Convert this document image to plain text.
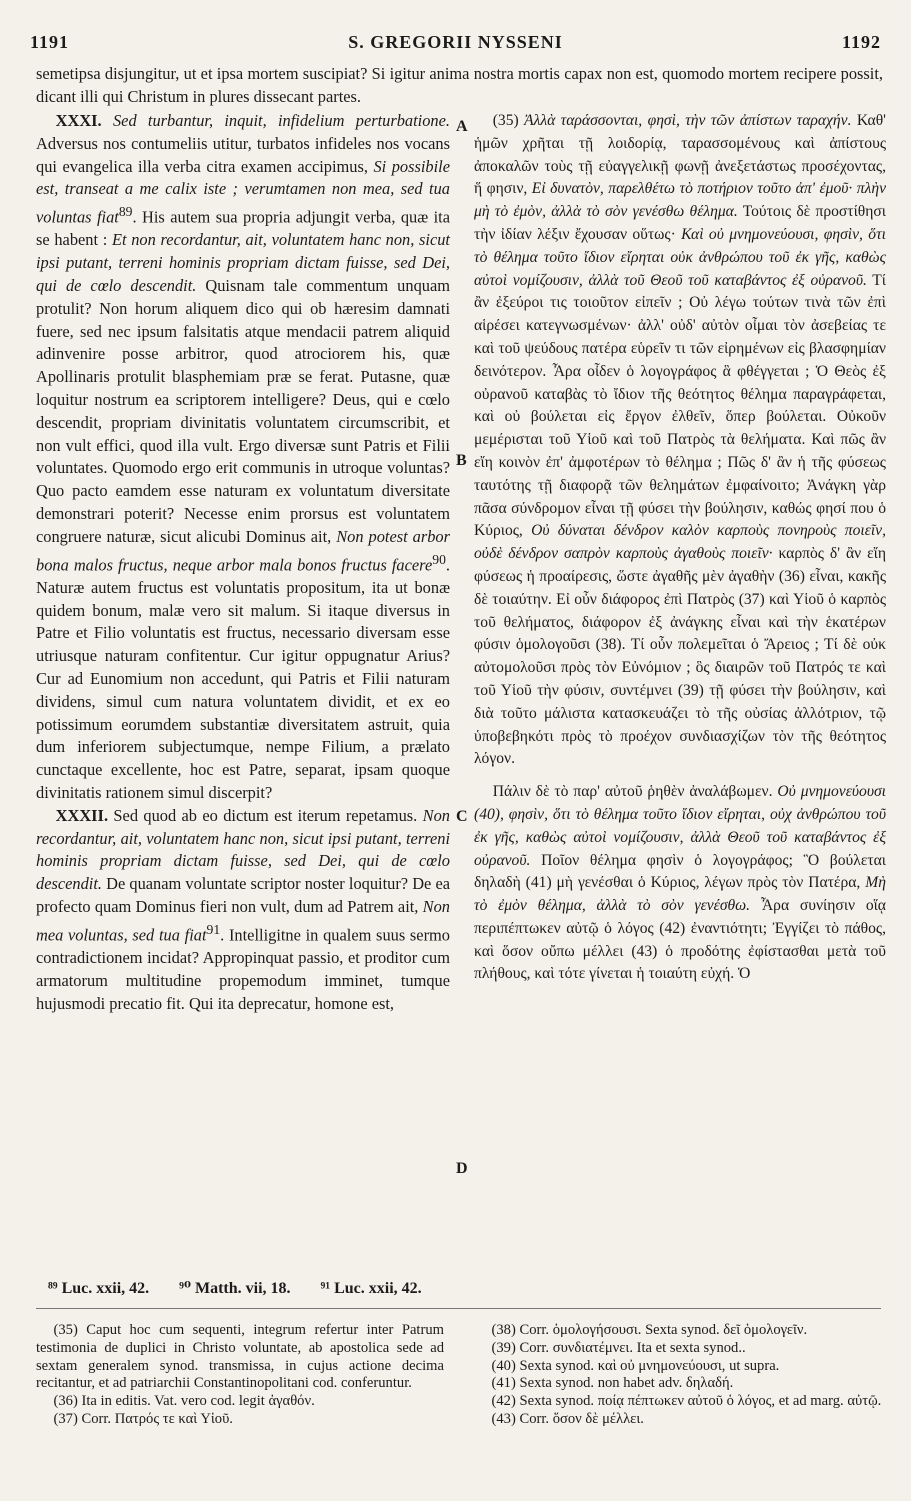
1191	S. GREGORII NYSSENI	1192
semetipsa disjungitur, ut et ipsa mortem suscipiat? Si igitur anima nostra mortis capax non est, quomodo mortem recipere possit, dicant illi qui Christum in plures dissecant partes.

XXXI. Sed turbantur, inquit, infidelium perturbatione. Adversus nos contumeliis utitur, turbatos infideles nos vocans qui evangelica illa verba citra examen accipimus, Si possibile est, transeat a me calix iste ; verumtamen non mea, sed tua voluntas fiat$^{89}$. His autem sua propria adjungit verba, quæ ita se habent : Et non recordantur, ait, voluntatem hanc non, sicut ipsi putant, terreni hominis propriam dictam fuisse, sed Dei, qui de cœlo descendit. Quisnam tale commentum unquam protulit? Non horum aliquem dico qui ob hæresim damnati fuere, sed nec ipsum falsitatis atque mendacii patrem aliquid adinvenire posse arbitror, quod atrociorem his, quæ Apollinaris protulit blasphemiam præ se ferat. Putasne, quæ loquitur nostrum ea scriptorem intelligere? Deus, qui e cœlo descendit, propriam divinitatis voluntatem circumscribit, et non vult effici, quod illa vult. Ergo diversæ sunt Patris et Filii voluntates. Quomodo ergo erit communis in utroque voluntas? Quo pacto eamdem esse naturam ex voluntatum diversitate demonstrari poterit? Necesse enim prorsus est voluntatem congruere naturæ, sicut alicubi Dominus ait, Non potest arbor bona malos fructus, neque arbor mala bonos fructus facere$^{90}$. Naturæ autem fructus est voluntatis propositum, ita ut bonæ quidem bonum, malæ vero sit malum. Si itaque diversus in Patre et Filio voluntatis est fructus, necessario diversam esse utriusque naturam confitentur. Cur igitur oppugnatur Arius? Cur ad Eunomium non accedunt, qui Patris et Filii naturam dividens, simul cum natura voluntatem dividit, et ex eo potissimum eorumdem substantiæ diversitatem astruit, quia dum inferiorem subjectumque, nempe Filium, a prælato cunctaque excellente, hoc est Patre, separat, ipsam quoque divinitatis rationem simul discerpit?

XXXII. Sed quod ab eo dictum est iterum repetamus. Non recordantur, ait, voluntatem hanc non, sicut ipsi putant, terreni hominis propriam dictam fuisse, sed Dei, qui de cœlo descendit. De quanam voluntate scriptor noster loquitur? De ea profecto quam Dominus fieri non vult, dum ad Patrem ait, Non mea voluntas, sed tua fiat$^{91}$. Intelligitne in qualem suus sermo contradictionem incidat? Appropinquat passio, et proditor cum armatorum multitudine propemodum imminet, tumque hujusmodi precatio fit. Qui ita deprecatur, homone est,

A
B
C
D

(35) Ἀλλὰ ταράσσονται, φησὶ, τὴν τῶν ἀπίστων ταραχήν. Καθ' ἡμῶν χρῆται τῇ λοιδορίᾳ, ταρασσομένους καὶ ἀπίστους ἀποκαλῶν τοὺς τῇ εὐαγγελικῇ φωνῇ ἀνεξετάστως προσέχοντας, ἥ φησιν, Εἰ δυνατὸν, παρελθέτω τὸ ποτήριον τοῦτο ἀπ' ἐμοῦ· πλὴν μὴ τὸ ἐμὸν, ἀλλὰ τὸ σὸν γενέσθω θέλημα. Τούτοις δὲ προστίθησι τὴν ἰδίαν λέξιν ἔχουσαν οὕτως· Καὶ οὐ μνημονεύουσι, φησὶν, ὅτι τὸ θέλημα τοῦτο ἴδιον εἴρηται οὐκ ἀνθρώπου τοῦ ἐκ γῆς, καθὼς αὐτοὶ νομίζουσιν, ἀλλὰ τοῦ Θεοῦ τοῦ καταβάντος ἐξ οὐρανοῦ. Τί ἂν ἐξεύροι τις τοιοῦτον εἰπεῖν ; Οὐ λέγω τούτων τινὰ τῶν ἐπὶ αἱρέσει κατεγνωσμένων· ἀλλ' οὐδ' αὐτὸν οἶμαι τὸν ἀσεβείας τε καὶ τοῦ ψεύδους πατέρα εὑρεῖν τι τῶν εἰρημένων εἰς βλασφημίαν δεινότερον. Ἆρα οἶδεν ὁ λογογράφος ἃ φθέγγεται ; Ὁ Θεὸς ἐξ οὐρανοῦ καταβὰς τὸ ἴδιον τῆς θεότητος θέλημα παραγράφεται, καὶ οὐ βούλεται εἰς ἔργον ἐλθεῖν, ὅπερ βούλεται. Οὐκοῦν μεμέρισται τοῦ Υἱοῦ καὶ τοῦ Πατρὸς τὰ θελήματα. Καὶ πῶς ἂν εἴη κοινὸν ἐπ' ἀμφοτέρων τὸ θέλημα ; Πῶς δ' ἂν ἡ τῆς φύσεως ταυτότης τῇ διαφορᾷ τῶν θελημάτων ἐμφαίνοιτο; Ἀνάγκη γὰρ πᾶσα σύνδρομον εἶναι τῇ φύσει τὴν βούλησιν, καθώς φησί που ὁ Κύριος, Οὐ δύναται δένδρον καλὸν καρποὺς πονηροὺς ποιεῖν, οὐδὲ δένδρον σαπρὸν καρποὺς ἀγαθοὺς ποιεῖν· καρπὸς δ' ἂν εἴη φύσεως ἡ προαίρεσις, ὥστε ἀγαθῆς μὲν ἀγαθὴν (36) εἶναι, κακῆς δὲ τοιαύτην. Εἰ οὖν διάφορος ἐπὶ Πατρὸς (37) καὶ Υἱοῦ ὁ καρπὸς τοῦ θελήματος, διάφορον ἐξ ἀνάγκης εἶναι καὶ τὴν ἑκατέρων φύσιν ὁμολογοῦσι (38). Τί οὖν πολεμεῖται ὁ Ἄρειος ; Τί δὲ οὐκ αὐτομολοῦσι πρὸς τὸν Εὐνόμιον ; ὃς διαιρῶν τοῦ Πατρός τε καὶ τοῦ Υἱοῦ τὴν φύσιν, συντέμνει (39) τῇ φύσει τὴν βούλησιν, καὶ διὰ τοῦτο μάλιστα κατασκευάζει τὸ τῆς οὐσίας ἀλλότριον, τῷ ὑποβεβηκότι πρὸς τὸ προέχον συνδιασχίζων τὸν τῆς θεότητος λόγον.

Πάλιν δὲ τὸ παρ' αὐτοῦ ῥηθὲν ἀναλάβωμεν. Οὐ μνημονεύουσι (40), φησὶν, ὅτι τὸ θέλημα τοῦτο ἴδιον εἴρηται, οὐχ ἀνθρώπου τοῦ ἐκ γῆς, καθὼς αὐτοὶ νομίζουσιν, ἀλλὰ Θεοῦ τοῦ καταβάντος ἐξ οὐρανοῦ. Ποῖον θέλημα φησὶν ὁ λογογράφος; Ὃ βούλεται δηλαδὴ (41) μὴ γενέσθαι ὁ Κύριος, λέγων πρὸς τὸν Πατέρα, Μὴ τὸ ἐμὸν θέλημα, ἀλλὰ τὸ σὸν γενέσθω. Ἆρα συνίησιν οἵᾳ περιπέπτωκεν αὐτῷ ὁ λόγος (42) ἐναντιότητι; Ἐγγίζει τὸ πάθος, καὶ ὅσον οὔπω μέλλει (43) ὁ προδότης ἐφίστασθαι μετὰ τοῦ πλήθους, καὶ τότε γίνεται ἡ τοιαύτη εὐχή. Ὁ

⁸⁹ Luc. xxii, 42. ⁹⁰ Matth. vii, 18. ⁹¹ Luc. xxii, 42.

(35) Caput hoc cum sequenti, integrum refertur inter Patrum testimonia de duplici in Christo voluntate, ab apostolica sede ad sextam generalem synod. transmissa, in cujus actione decima recitantur, et ad patriarchii Constantinopolitani cod. conferuntur.

(36) Ita in editis. Vat. vero cod. legit ἀγαθόν.

(37) Corr. Πατρός τε καὶ Υἱοῦ.

(38) Corr. ὁμολογήσουσι. Sexta synod. δεῖ ὁμολογεῖν.

(39) Corr. συνδιατέμνει. Ita et sexta synod..

(40) Sexta synod. καὶ οὐ μνημονεύουσι, ut supra.

(41) Sexta synod. non habet adv. δηλαδή.

(42) Sexta synod. ποίᾳ πέπτωκεν αὐτοῦ ὁ λόγος, et ad marg. αὐτῷ.

(43) Corr. ὅσον δὲ μέλλει.
